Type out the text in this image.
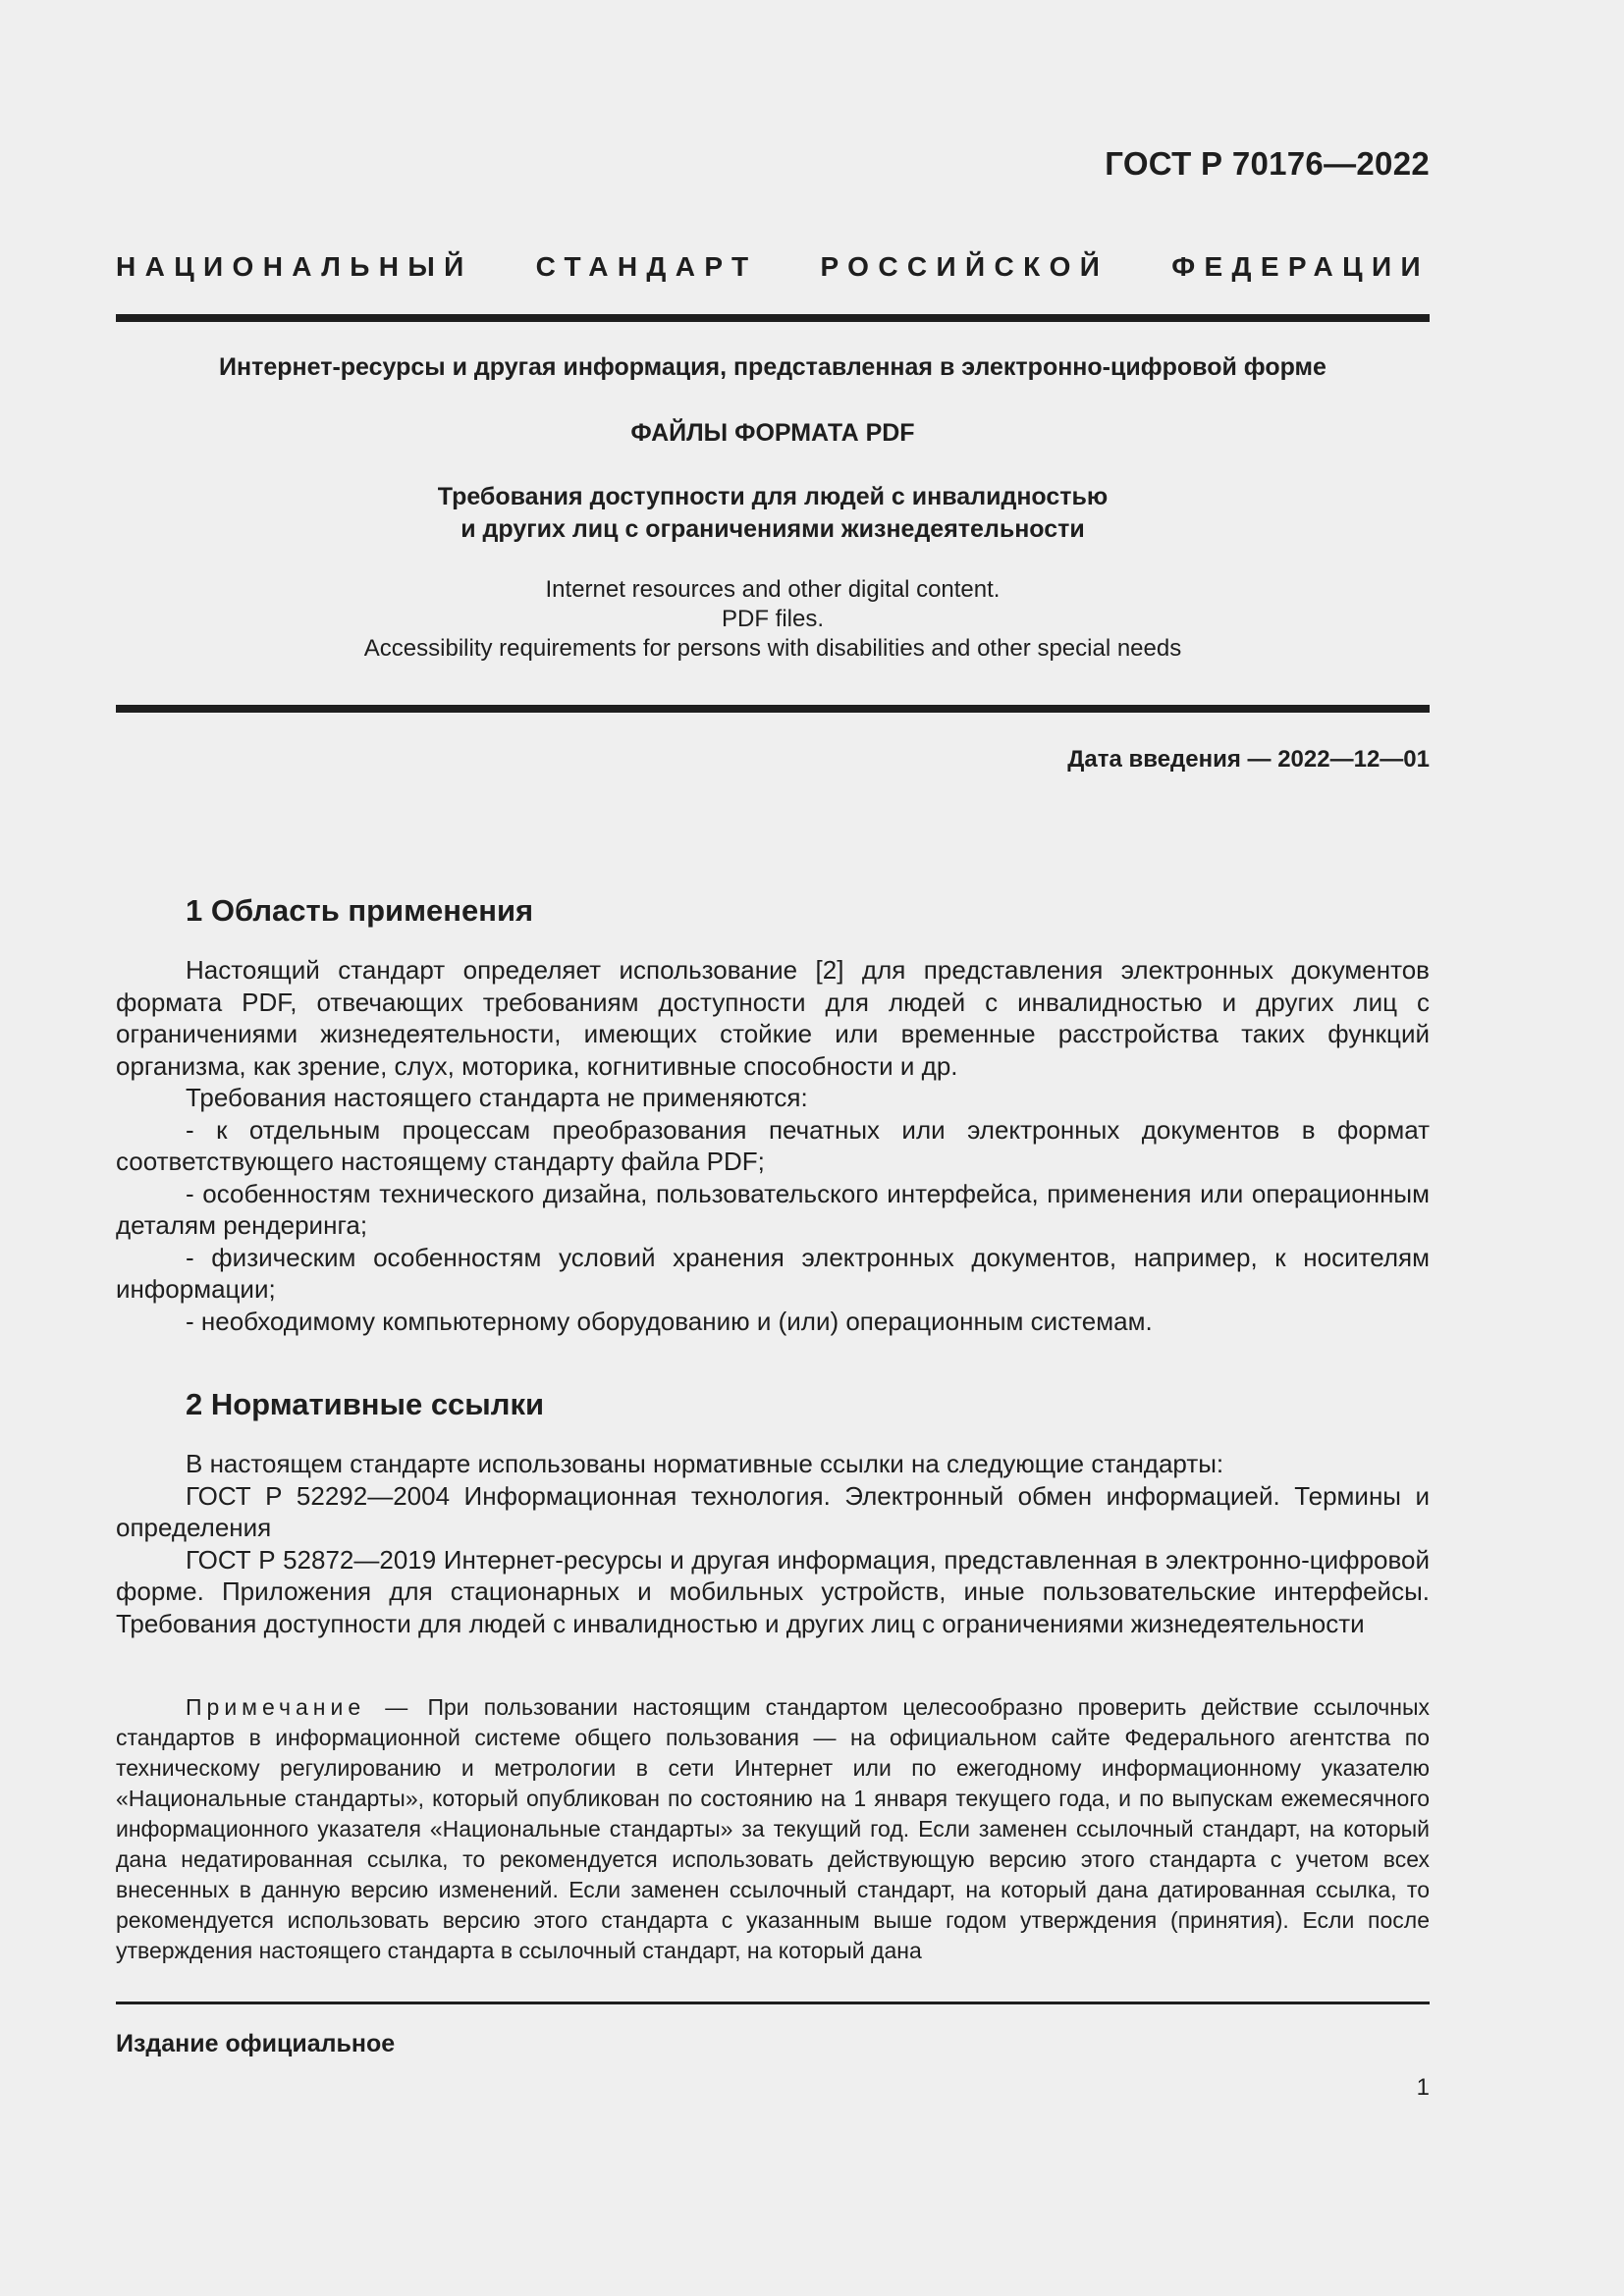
ГОСТ Р 70176—2022
НАЦИОНАЛЬНЫЙ СТАНДАРТ РОССИЙСКОЙ ФЕДЕРАЦИИ
Интернет-ресурсы и другая информация, представленная в электронно-цифровой форме
ФАЙЛЫ ФОРМАТА PDF
Требования доступности для людей с инвалидностью
и других лиц с ограничениями жизнедеятельности
Internet resources and other digital content.
PDF files.
Accessibility requirements for persons with disabilities and other special needs
Дата введения — 2022—12—01
1 Область применения

Настоящий стандарт определяет использование [2] для представления электронных документов формата PDF, отвечающих требованиям доступности для людей с инвалидностью и других лиц с ограничениями жизнедеятельности, имеющих стойкие или временные расстройства таких функций организма, как зрение, слух, моторика, когнитивные способности и др.

Требования настоящего стандарта не применяются:

- к отдельным процессам преобразования печатных или электронных документов в формат соответствующего настоящему стандарту файла PDF;

- особенностям технического дизайна, пользовательского интерфейса, применения или операционным деталям рендеринга;

- физическим особенностям условий хранения электронных документов, например, к носителям информации;

- необходимому компьютерному оборудованию и (или) операционным системам.

2 Нормативные ссылки

В настоящем стандарте использованы нормативные ссылки на следующие стандарты:

ГОСТ Р 52292—2004 Информационная технология. Электронный обмен информацией. Термины и определения

ГОСТ Р 52872—2019 Интернет-ресурсы и другая информация, представленная в электронно-цифровой форме. Приложения для стационарных и мобильных устройств, иные пользовательские интерфейсы. Требования доступности для людей с инвалидностью и других лиц с ограничениями жизнедеятельности

Примечание — При пользовании настоящим стандартом целесообразно проверить действие ссылочных стандартов в информационной системе общего пользования — на официальном сайте Федерального агентства по техническому регулированию и метрологии в сети Интернет или по ежегодному информационному указателю «Национальные стандарты», который опубликован по состоянию на 1 января текущего года, и по выпускам ежемесячного информационного указателя «Национальные стандарты» за текущий год. Если заменен ссылочный стандарт, на который дана недатированная ссылка, то рекомендуется использовать действующую версию этого стандарта с учетом всех внесенных в данную версию изменений. Если заменен ссылочный стандарт, на который дана датированная ссылка, то рекомендуется использовать версию этого стандарта с указанным выше годом утверждения (принятия). Если после утверждения настоящего стандарта в ссылочный стандарт, на который дана

Издание официальное
1
